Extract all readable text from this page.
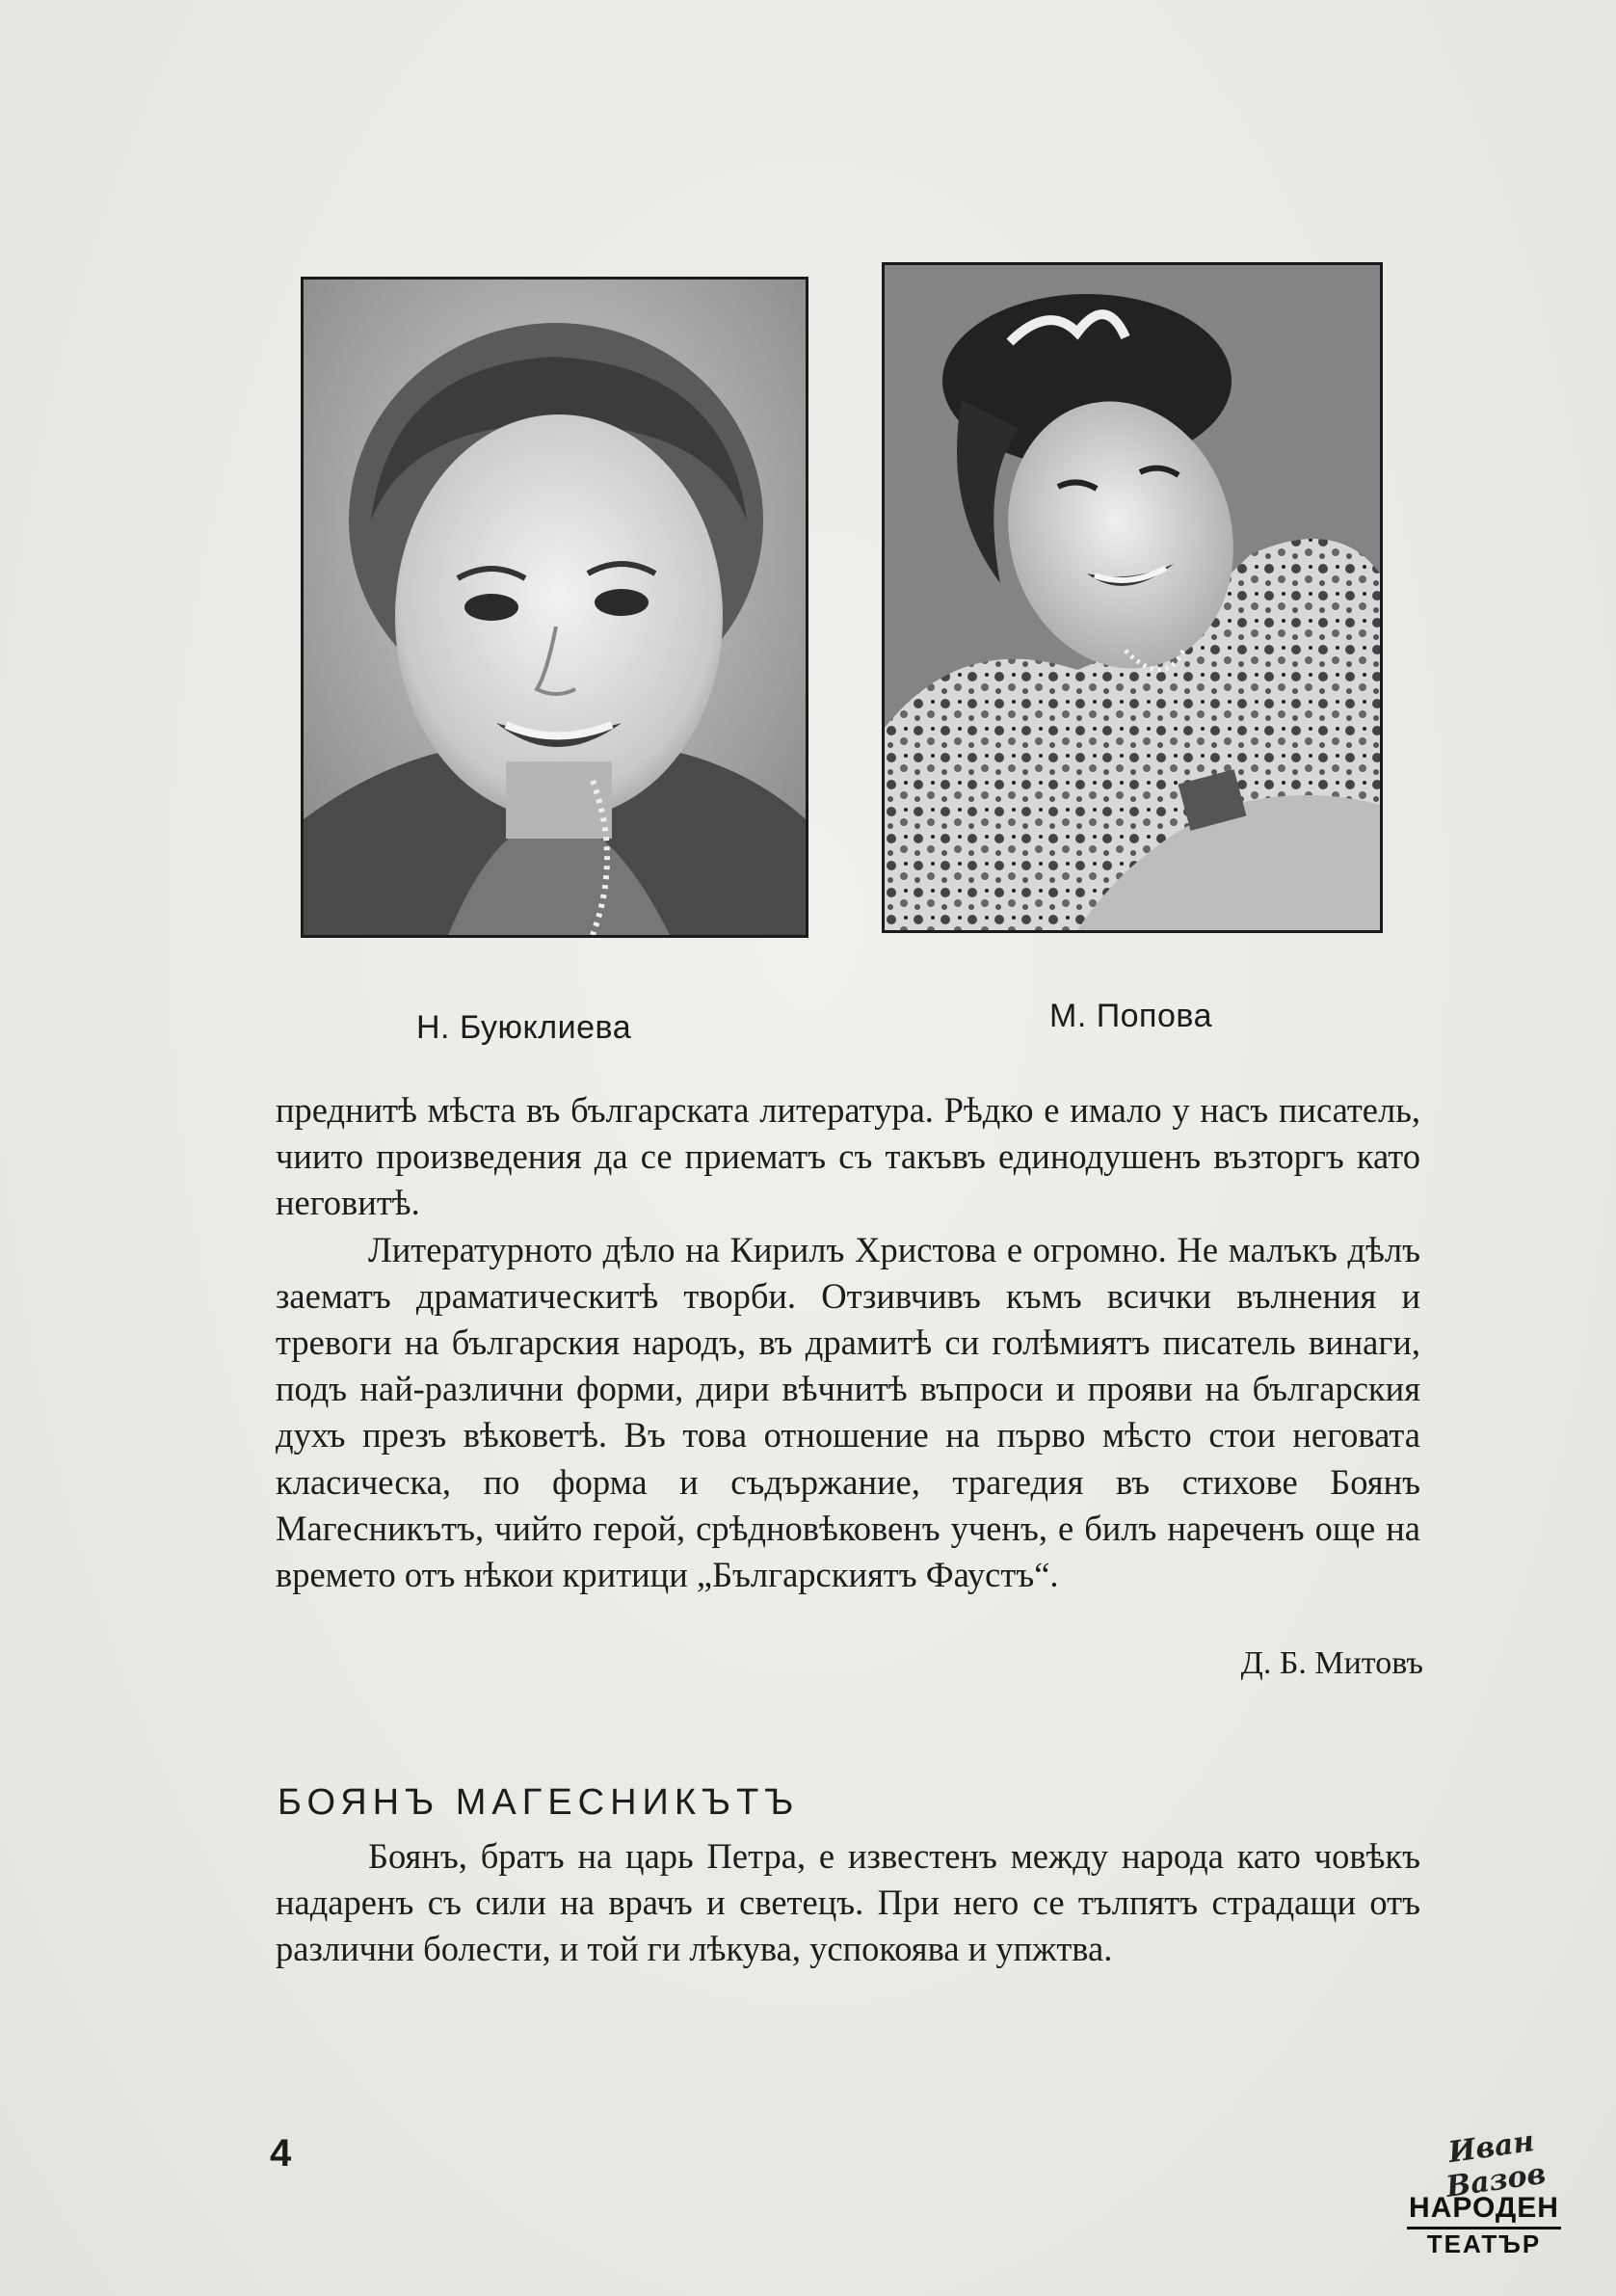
Н. Буюклиева	М. Попова

преднитѣ мѣста въ българската литература. Рѣдко е имало у насъ писатель, чиито произведения да се приематъ съ такъвъ единодушенъ възторгъ като неговитѣ.

Литературното дѣло на Кирилъ Христова е огромно. Не малъкъ дѣлъ заематъ драматическитѣ творби. Отзивчивъ къмъ всички вълнения и тревоги на българския народъ, въ драмитѣ си голѣмиятъ писатель винаги, подъ най-различни форми, дири вѣчнитѣ въпроси и прояви на българския духъ презъ вѣковетѣ. Въ това отношение на първо мѣсто стои неговата класическа, по форма и съдържание, трагедия въ стихове Боянъ Магесникътъ, чийто герой, срѣдновѣковенъ ученъ, е билъ нареченъ още на времето отъ нѣкои критици „Българскиятъ Фаустъ“.

Д. Б. Митовъ
БОЯНЪ МАГЕСНИКЪТЪ

Боянъ, братъ на царь Петра, е известенъ между народа като човѣкъ надаренъ съ сили на врачъ и светецъ. При него се тълпятъ страдащи отъ различни болести, и той ги лѣкува, успокоява и упжтва.

4	Иван Вазов
НАРОДЕН
ТЕАТЪР
